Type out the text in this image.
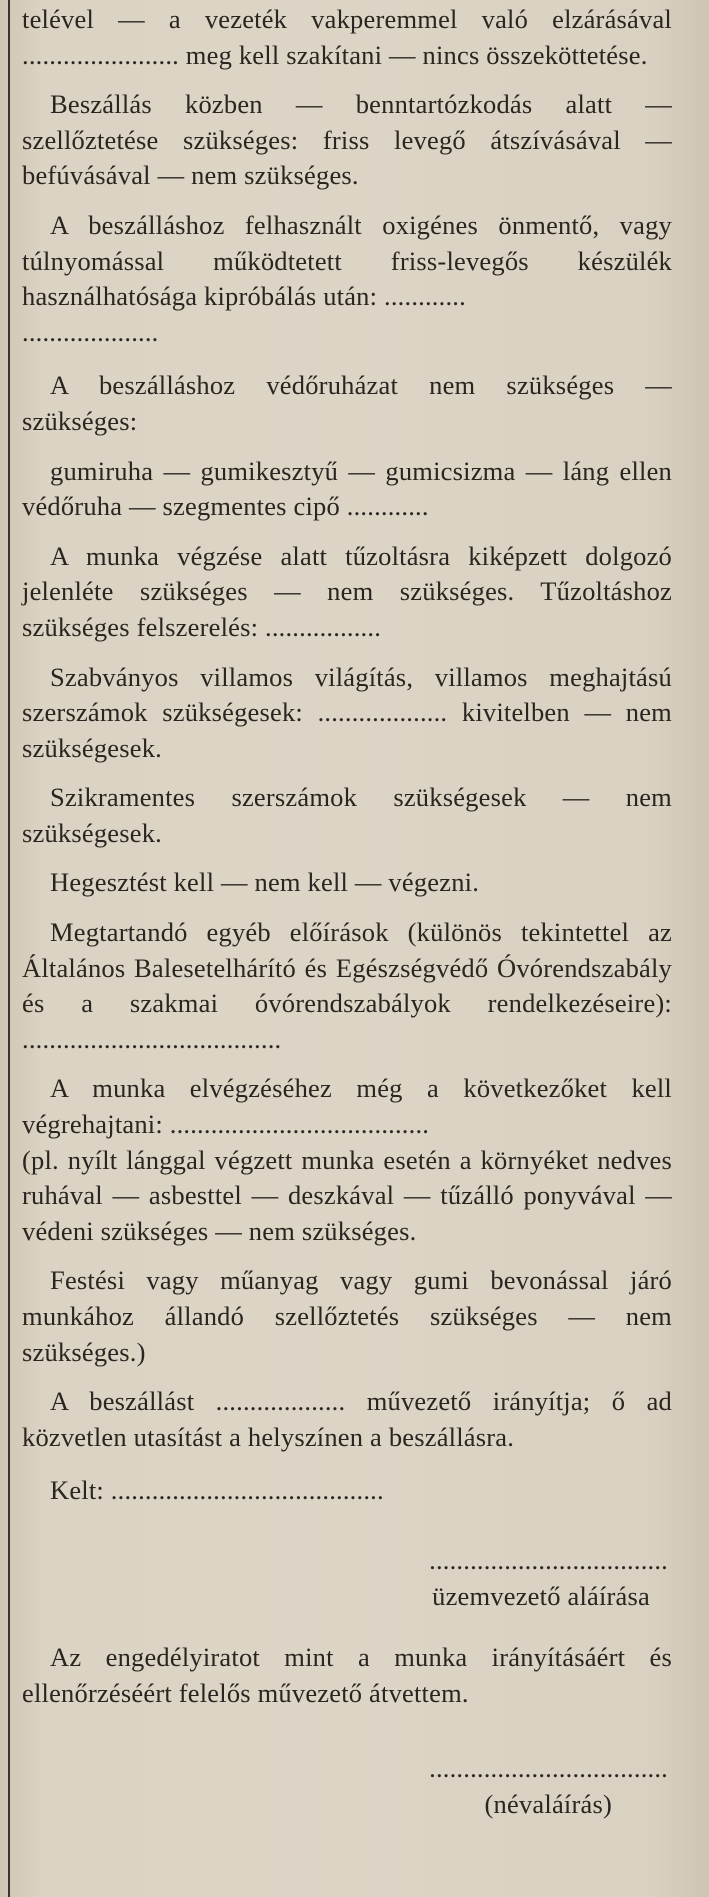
telével — a vezeték vakperemmel való elzárásával ....................... meg kell szakítani — nincs összeköttetése.
Beszállás közben — benntartózkodás alatt — szellőztetése szükséges: friss levegő átszívásával — befúvásával — nem szükséges.
A beszálláshoz felhasznált oxigénes önmentő, vagy túlnyomással működtetett friss-levegős készülék használhatósága kipróbálás után: ............
....................
A beszálláshoz védőruházat nem szükséges — szükséges:
gumiruha — gumikesztyű — gumicsizma — láng ellen védőruha — szegmentes cipő ............
A munka végzése alatt tűzoltásra kiképzett dolgozó jelenléte szükséges — nem szükséges. Tűzoltáshoz szükséges felszerelés: .................
Szabványos villamos világítás, villamos meghajtású szerszámok szükségesek: ................... kivitelben — nem szükségesek.
Szikramentes szerszámok szükségesek — nem szükségesek.
Hegesztést kell — nem kell — végezni.
Megtartandó egyéb előírások (különös tekintettel az Általános Balesetelhárító és Egészségvédő Óvórendszabály és a szakmai óvórendszabályok rendelkezéseire): ......................................
A munka elvégzéséhez még a következőket kell végrehajtani: ......................................
(pl. nyílt lánggal végzett munka esetén a környéket nedves ruhával — asbesttel — deszkával — tűzálló ponyvával — védeni szükséges — nem szükséges.
Festési vagy műanyag vagy gumi bevonással járó munkához állandó szellőztetés szükséges — nem szükséges.)
A beszállást ................... művezető irányítja; ő ad közvetlen utasítást a helyszínen a beszállásra.
Kelt: ........................................
...................................
üzemvezető aláírása
Az engedélyiratot mint a munka irányításáért és ellenőrzéséért felelős művezető átvettem.
...................................
(névaláírás)
